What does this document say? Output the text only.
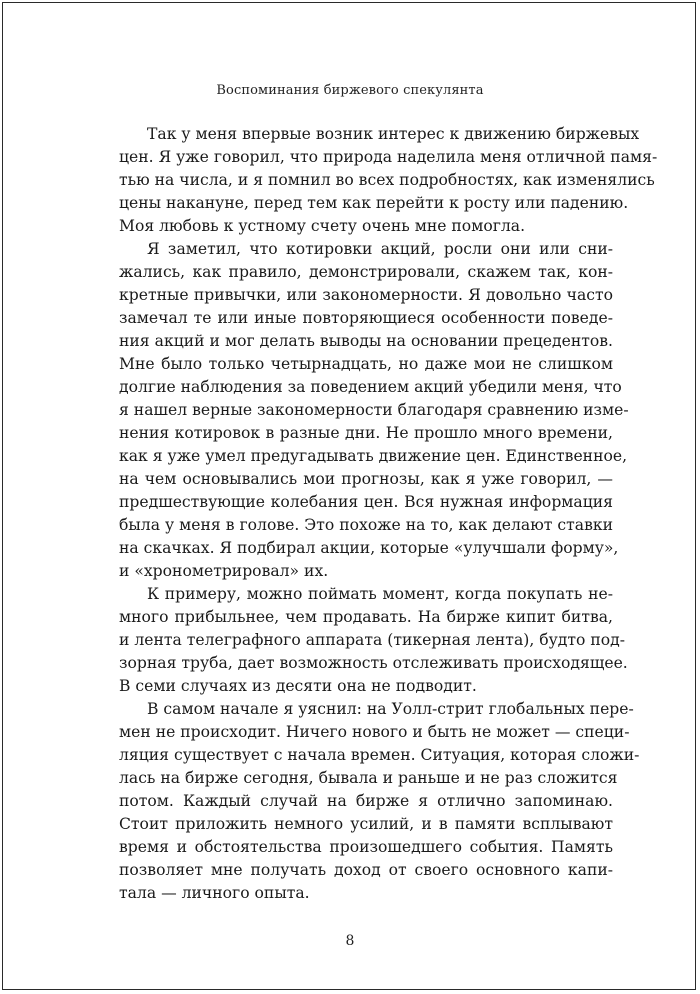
Воспоминания биржевого спекулянта
Так у меня впервые возник интерес к движению биржевых
цен. Я уже говорил, что природа наделила меня отличной памя-
тью на числа, и я помнил во всех подробностях, как изменялись
цены накануне, перед тем как перейти к росту или падению.
Моя любовь к устному счету очень мне помогла.
Я заметил, что котировки акций, росли они или сни-
жались, как правило, демонстрировали, скажем так, кон-
кретные привычки, или закономерности. Я довольно часто
замечал те или иные повторяющиеся особенности поведе-
ния акций и мог делать выводы на основании прецедентов.
Мне было только четырнадцать, но даже мои не слишком
долгие наблюдения за поведением акций убедили меня, что
я нашел верные закономерности благодаря сравнению изме-
нения котировок в разные дни. Не прошло много времени,
как я уже умел предугадывать движение цен. Единственное,
на чем основывались мои прогнозы, как я уже говорил, —
предшествующие колебания цен. Вся нужная информация
была у меня в голове. Это похоже на то, как делают ставки
на скачках. Я подбирал акции, которые «улучшали форму»,
и «хронометрировал» их.
К примеру, можно поймать момент, когда покупать не-
много прибыльнее, чем продавать. На бирже кипит битва,
и лента телеграфного аппарата (тикерная лента), будто под-
зорная труба, дает возможность отслеживать происходящее.
В семи случаях из десяти она не подводит.
В самом начале я уяснил: на Уолл-стрит глобальных пере-
мен не происходит. Ничего нового и быть не может — специ-
ляция существует с начала времен. Ситуация, которая сложи-
лась на бирже сегодня, бывала и раньше и не раз сложится
потом. Каждый случай на бирже я отлично запоминаю.
Стоит приложить немного усилий, и в памяти всплывают
время и обстоятельства произошедшего события. Память
позволяет мне получать доход от своего основного капи-
тала — личного опыта.
8
